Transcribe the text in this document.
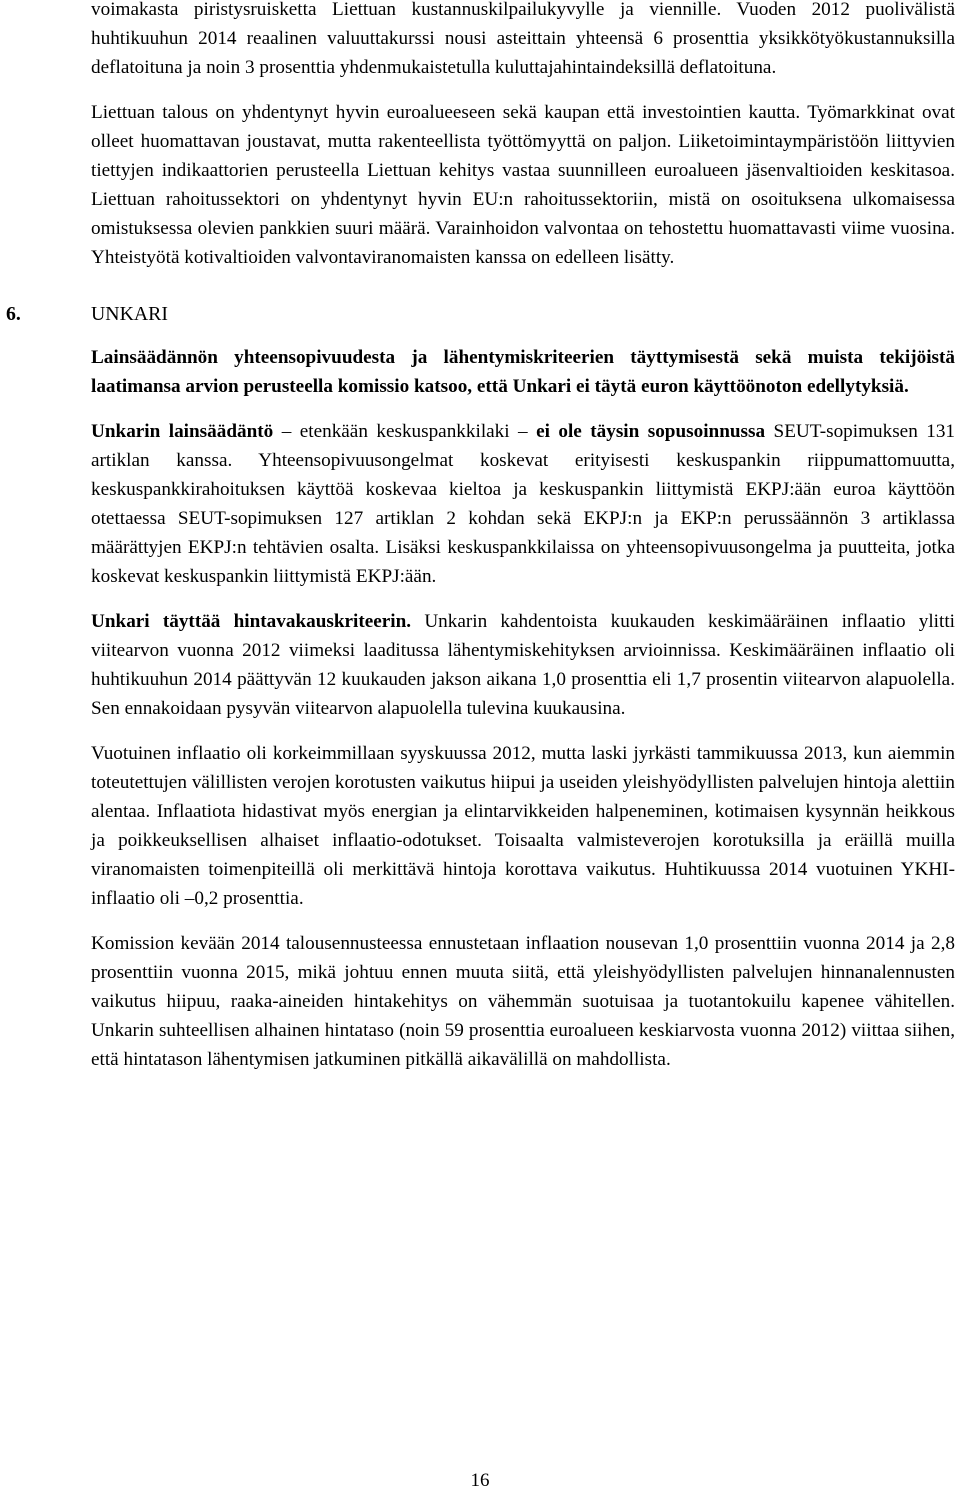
voimakasta piristysruisketta Liettuan kustannuskilpailukyvylle ja viennille. Vuoden 2012 puolivälistä huhtikuuhun 2014 reaalinen valuuttakurssi nousi asteittain yhteensä 6 prosenttia yksikkötyökustannuksilla deflatoituna ja noin 3 prosenttia yhdenmukaistetulla kuluttajahintaindeksillä deflatoituna.

Liettuan talous on yhdentynyt hyvin euroalueeseen sekä kaupan että investointien kautta. Työmarkkinat ovat olleet huomattavan joustavat, mutta rakenteellista työttömyyttä on paljon. Liiketoimintaympäristöön liittyvien tiettyjen indikaattorien perusteella Liettuan kehitys vastaa suunnilleen euroalueen jäsenvaltioiden keskitasoa. Liettuan rahoitussektori on yhdentynyt hyvin EU:n rahoitussektoriin, mistä on osoituksena ulkomaisessa omistuksessa olevien pankkien suuri määrä. Varainhoidon valvontaa on tehostettu huomattavasti viime vuosina. Yhteistyötä kotivaltioiden valvontaviranomaisten kanssa on edelleen lisätty.

6.	UNKARI

Lainsäädännön yhteensopivuudesta ja lähentymiskriteerien täyttymisestä sekä muista tekijöistä laatimansa arvion perusteella komissio katsoo, että Unkari ei täytä euron käyttöönoton edellytyksiä.

Unkarin lainsäädäntö – etenkään keskuspankkilaki – ei ole täysin sopusoinnussa SEUT-sopimuksen 131 artiklan kanssa. Yhteensopivuusongelmat koskevat erityisesti keskuspankin riippumattomuutta, keskuspankkirahoituksen käyttöä koskevaa kieltoa ja keskuspankin liittymistä EKPJ:ään euroa käyttöön otettaessa SEUT-sopimuksen 127 artiklan 2 kohdan sekä EKPJ:n ja EKP:n perussäännön 3 artiklassa määrättyjen EKPJ:n tehtävien osalta. Lisäksi keskuspankkilaissa on yhteensopivuusongelma ja puutteita, jotka koskevat keskuspankin liittymistä EKPJ:ään.

Unkari täyttää hintavakauskriteerin. Unkarin kahdentoista kuukauden keskimääräinen inflaatio ylitti viitearvon vuonna 2012 viimeksi laaditussa lähentymiskehityksen arvioinnissa. Keskimääräinen inflaatio oli huhtikuuhun 2014 päättyvän 12 kuukauden jakson aikana 1,0 prosenttia eli 1,7 prosentin viitearvon alapuolella. Sen ennakoidaan pysyvän viitearvon alapuolella tulevina kuukausina.

Vuotuinen inflaatio oli korkeimmillaan syyskuussa 2012, mutta laski jyrkästi tammikuussa 2013, kun aiemmin toteutettujen välillisten verojen korotusten vaikutus hiipui ja useiden yleishyödyllisten palvelujen hintoja alettiin alentaa. Inflaatiota hidastivat myös energian ja elintarvikkeiden halpeneminen, kotimaisen kysynnän heikkous ja poikkeuksellisen alhaiset inflaatio-odotukset. Toisaalta valmisteverojen korotuksilla ja eräillä muilla viranomaisten toimenpiteillä oli merkittävä hintoja korottava vaikutus. Huhtikuussa 2014 vuotuinen YKHI-inflaatio oli –0,2 prosenttia.

Komission kevään 2014 talousennusteessa ennustetaan inflaation nousevan 1,0 prosenttiin vuonna 2014 ja 2,8 prosenttiin vuonna 2015, mikä johtuu ennen muuta siitä, että yleishyödyllisten palvelujen hinnanalennusten vaikutus hiipuu, raaka-aineiden hintakehitys on vähemmän suotuisaa ja tuotantokuilu kapenee vähitellen. Unkarin suhteellisen alhainen hintataso (noin 59 prosenttia euroalueen keskiarvosta vuonna 2012) viittaa siihen, että hintatason lähentymisen jatkuminen pitkällä aikavälillä on mahdollista.

16
